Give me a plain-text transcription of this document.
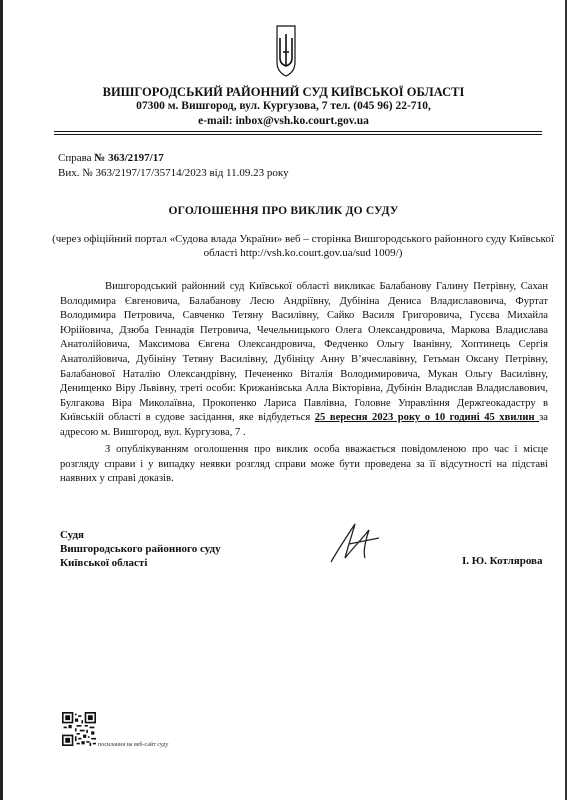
ВИШГОРОДСЬКИЙ РАЙОННИЙ СУД КИЇВСЬКОЇ ОБЛАСТІ
07300 м. Вишгород, вул. Кургузова, 7 тел. (045 96) 22-710,
e-mail: inbox@vsh.ko.court.gov.ua
Справа № 363/2197/17
Вих. № 363/2197/17/35714/2023 від 11.09.23 року
ОГОЛОШЕННЯ ПРО ВИКЛИК ДО СУДУ
(через офіційний портал «Судова влада України» веб – сторінка Вишгородського районного суду Київської області http://vsh.ko.court.gov.ua/sud 1009/)
Вишгородський районний суд Київської області викликає Балабанову Галину Петрівну, Сахан Володимира Євгеновича, Балабанову Лесю Андріївну, Дубініна Дениса Владиславовича, Фуртат Володимира Петровича, Савченко Тетяну Василівну, Сайко Василя Григоровича, Гусєва Михайла Юрійовича, Дзюба Геннадія Петровича, Чечельницького Олега Олександровича, Маркова Владислава Анатолійовича, Максимова Євгена Олександровича, Федченко Ольгу Іванівну, Хоптинець Сергія Анатолійовича, Дубініну Тетяну Василівну, Дубініцу Анну В’ячеславівну, Гетьман Оксану Петрівну, Балабанової Наталію Олександрівну, Печененко Віталія Володимировича, Мукан Ольгу Василівну, Денищенко Віру Львівну, треті особи: Крижанівська Алла Вікторівна, Дубінін Владислав Владиславович, Булгакова Віра Миколаївна, Прокопенко Лариса Павлівна, Головне Управління Держгеокадастру в Київській області в судове засідання, яке відбудеться 25 вересня 2023 року о 10 годині 45 хвилин за адресою м. Вишгород, вул. Кургузова, 7 .
З опублікуванням оголошення про виклик особа вважається повідомленою про час і місце розгляду справи і у випадку неявки розгляд справи може бути проведена за її відсутності на підставі наявних у справі доказів.
Судя
Вишгородського районного суду
Київської області	І. Ю. Котлярова
посилання на веб-сайт суду
